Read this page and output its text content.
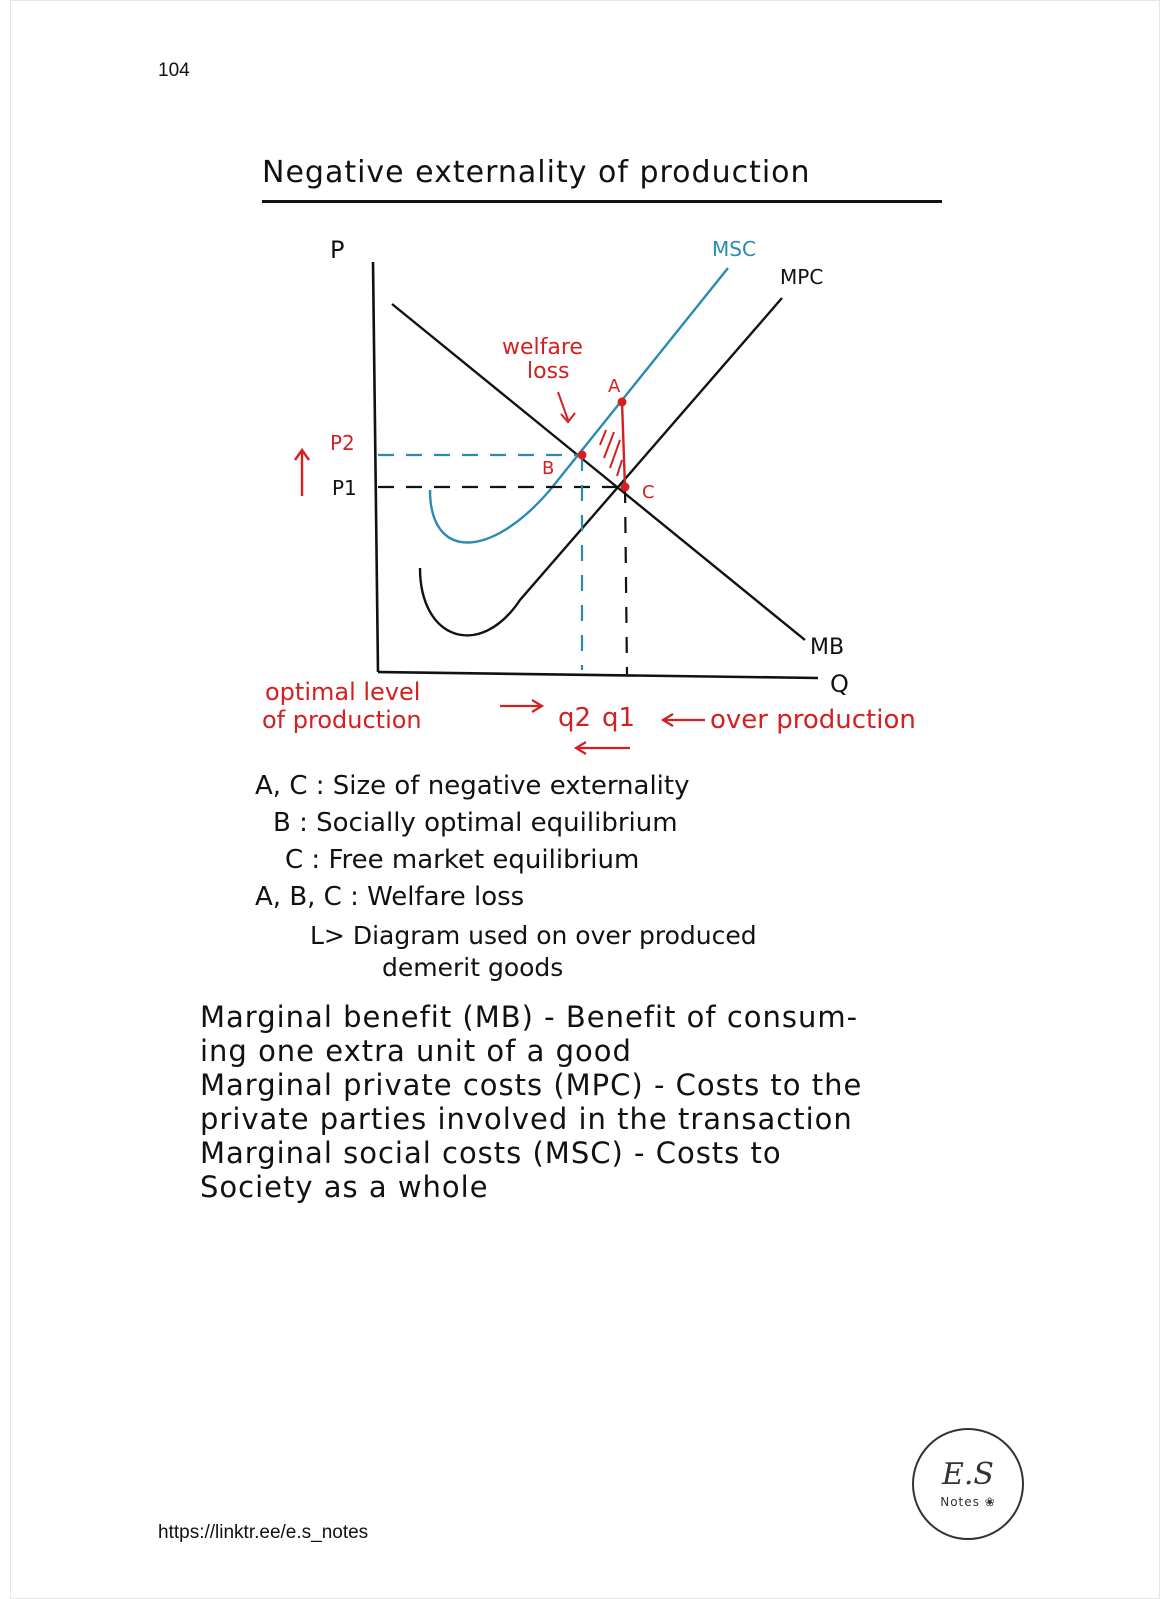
104
Negative externality of production
P
Q
MB
MPC
MSC
A
B
C
welfare
loss
P2
P1
q2 q1
optimal level
of production	over production
A, C : Size of negative externality
B : Socially optimal equilibrium
C : Free market equilibrium
A, B, C : Welfare loss
L> Diagram used on over produced
demerit goods
Marginal benefit (MB) - Benefit of consum-
ing one extra unit of a good
Marginal private costs (MPC) - Costs to the
private parties involved in the transaction
Marginal social costs (MSC) - Costs to
Society as a whole
E.S
Notes ❀
https://linktr.ee/e.s_notes
